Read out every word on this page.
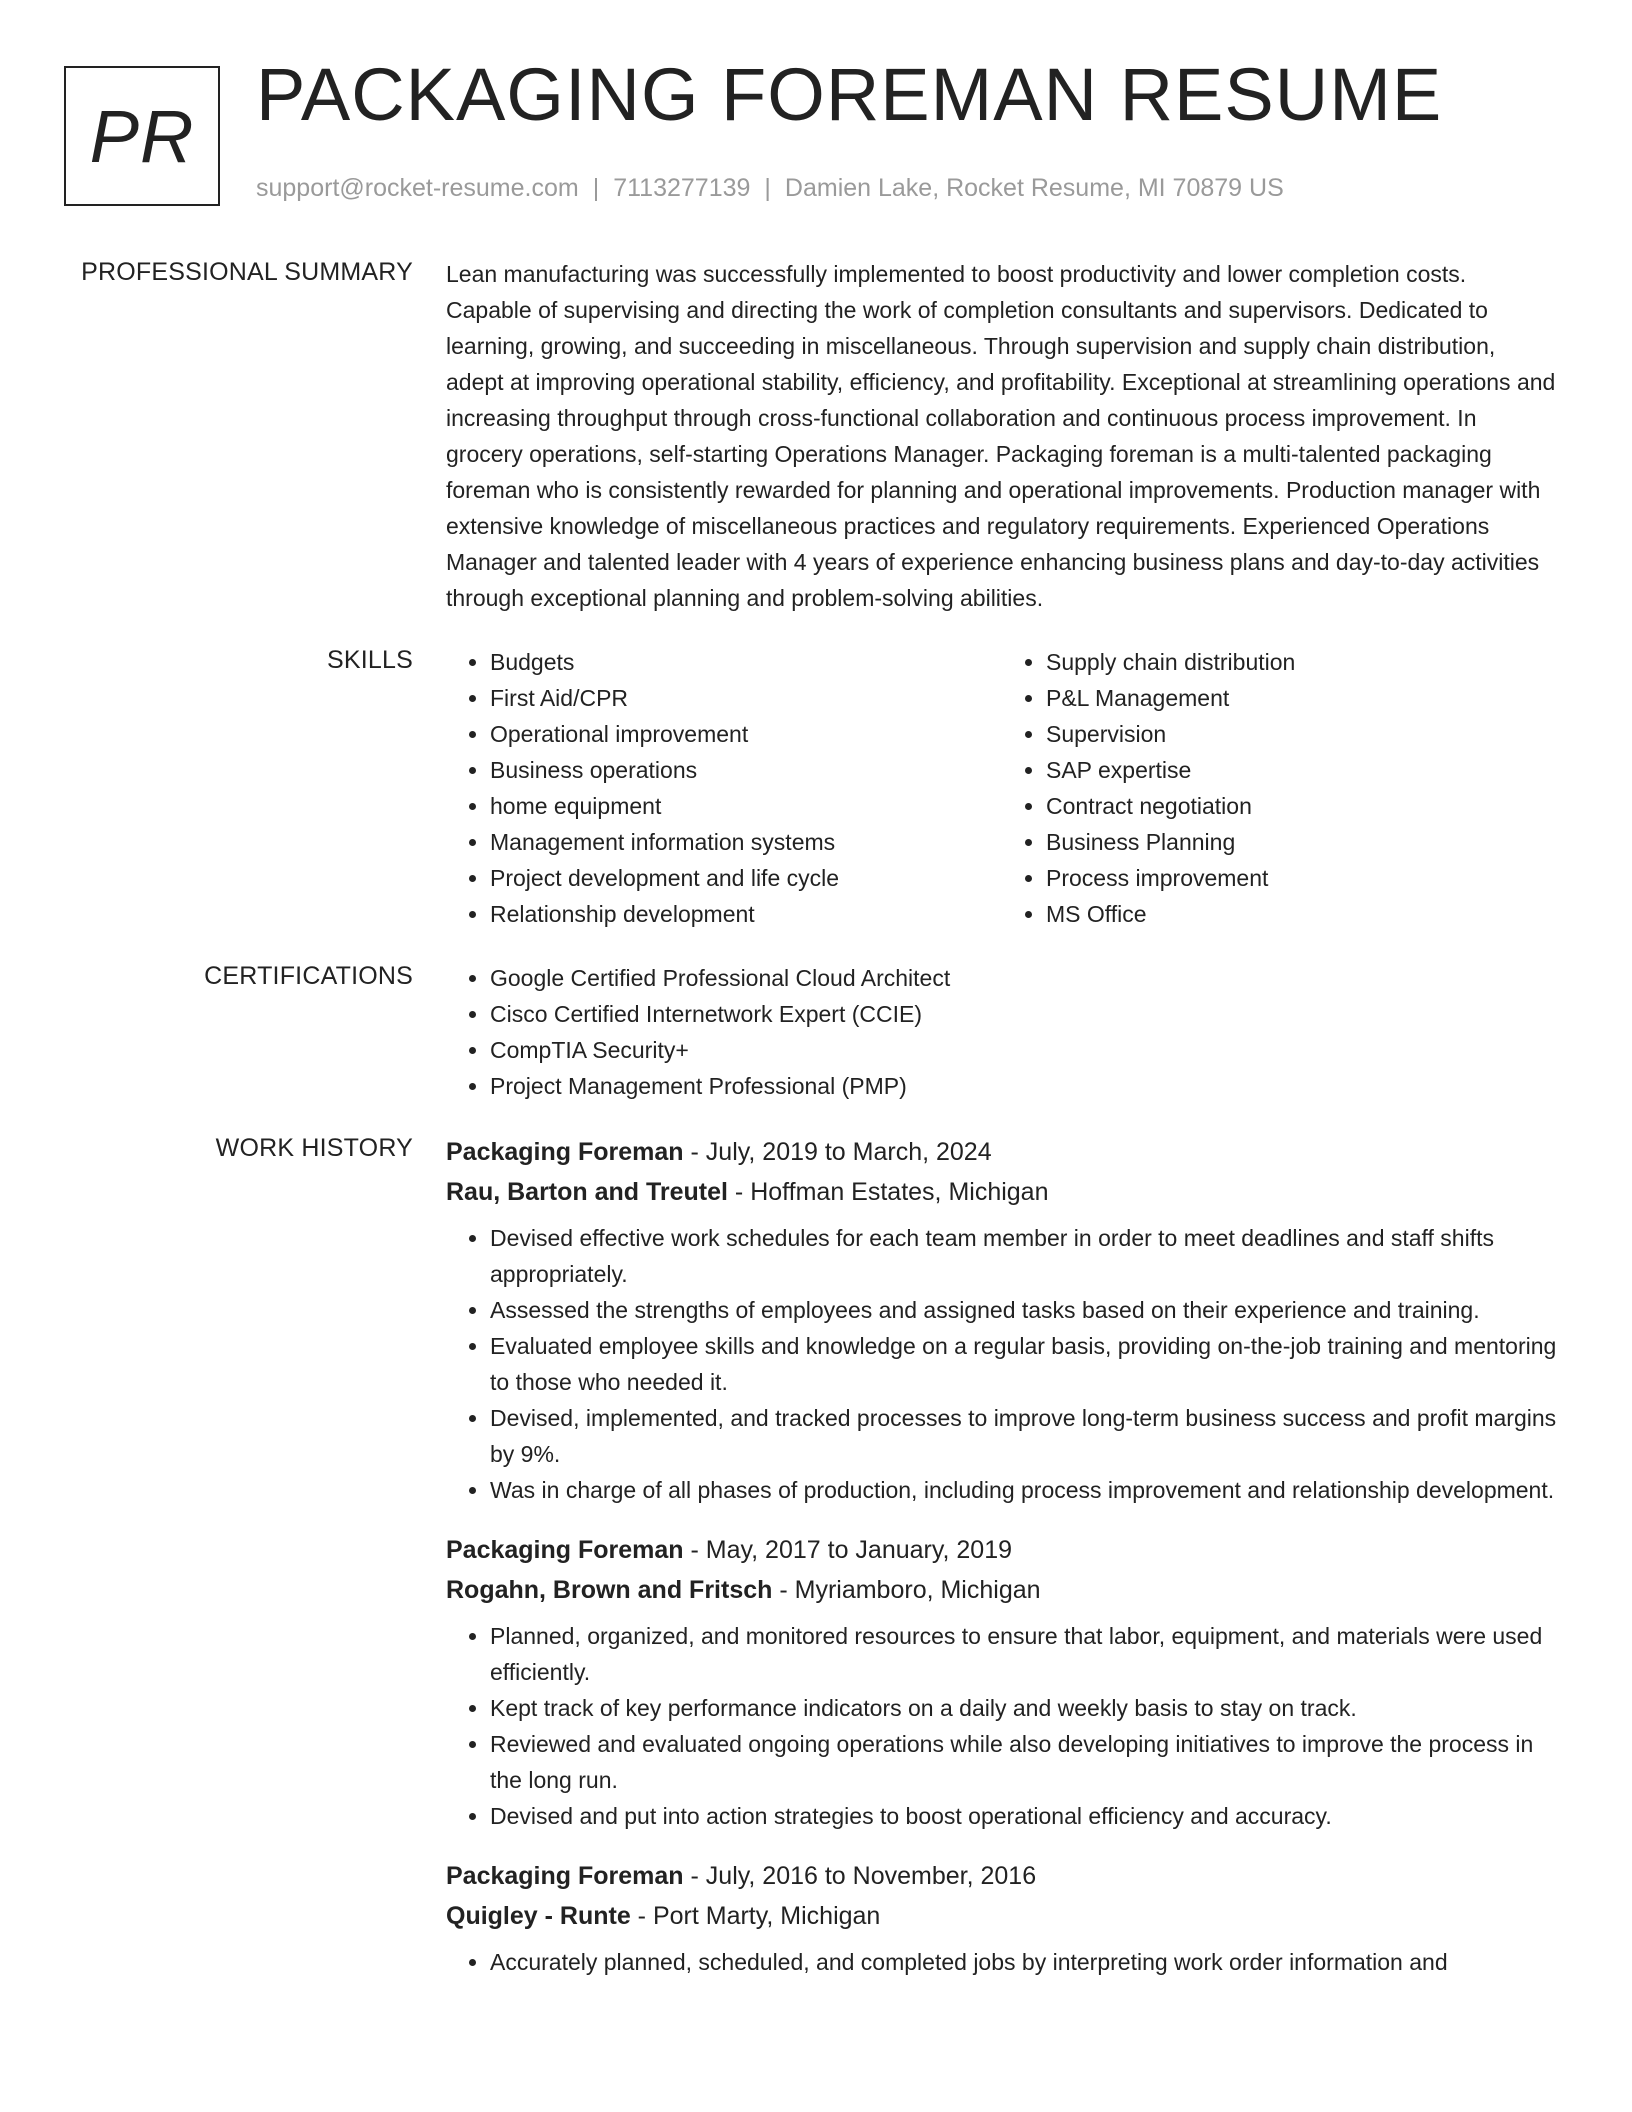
PR PACKAGING FOREMAN RESUME
support@rocket-resume.com | 7113277139 | Damien Lake, Rocket Resume, MI 70879 US
PROFESSIONAL SUMMARY Lean manufacturing was successfully implemented to boost productivity and lower completion costs. Capable of supervising and directing the work of completion consultants and supervisors. Dedicated to learning, growing, and succeeding in miscellaneous. Through supervision and supply chain distribution, adept at improving operational stability, efficiency, and profitability. Exceptional at streamlining operations and increasing throughput through cross-functional collaboration and continuous process improvement. In grocery operations, self-starting Operations Manager. Packaging foreman is a multi-talented packaging foreman who is consistently rewarded for planning and operational improvements. Production manager with extensive knowledge of miscellaneous practices and regulatory requirements. Experienced Operations Manager and talented leader with 4 years of experience enhancing business plans and day-to-day activities through exceptional planning and problem-solving abilities.

SKILLS	• Budgets
• First Aid/CPR
• Operational improvement
• Business operations
• home equipment
• Management information systems
• Project development and life cycle
• Relationship development
• Supply chain distribution
• P&L Management
• Supervision
• SAP expertise
• Contract negotiation
• Business Planning
• Process improvement
• MS Office
CERTIFICATIONS	• Google Certified Professional Cloud Architect
• Cisco Certified Internetwork Expert (CCIE)
• CompTIA Security+
• Project Management Professional (PMP)
WORK HISTORY Packaging Foreman - July, 2019 to March, 2024
Rau, Barton and Treutel - Hoffman Estates, Michigan
• Devised effective work schedules for each team member in order to meet deadlines and staff shifts appropriately.
• Assessed the strengths of employees and assigned tasks based on their experience and training.
• Evaluated employee skills and knowledge on a regular basis, providing on-the-job training and mentoring to those who needed it.
• Devised, implemented, and tracked processes to improve long-term business success and profit margins by 9%.
• Was in charge of all phases of production, including process improvement and relationship development.
Packaging Foreman - May, 2017 to January, 2019
Rogahn, Brown and Fritsch - Myriamboro, Michigan
• Planned, organized, and monitored resources to ensure that labor, equipment, and materials were used efficiently.
• Kept track of key performance indicators on a daily and weekly basis to stay on track.
• Reviewed and evaluated ongoing operations while also developing initiatives to improve the process in the long run.
• Devised and put into action strategies to boost operational efficiency and accuracy.
Packaging Foreman - July, 2016 to November, 2016
Quigley - Runte - Port Marty, Michigan
• Accurately planned, scheduled, and completed jobs by interpreting work order information and
